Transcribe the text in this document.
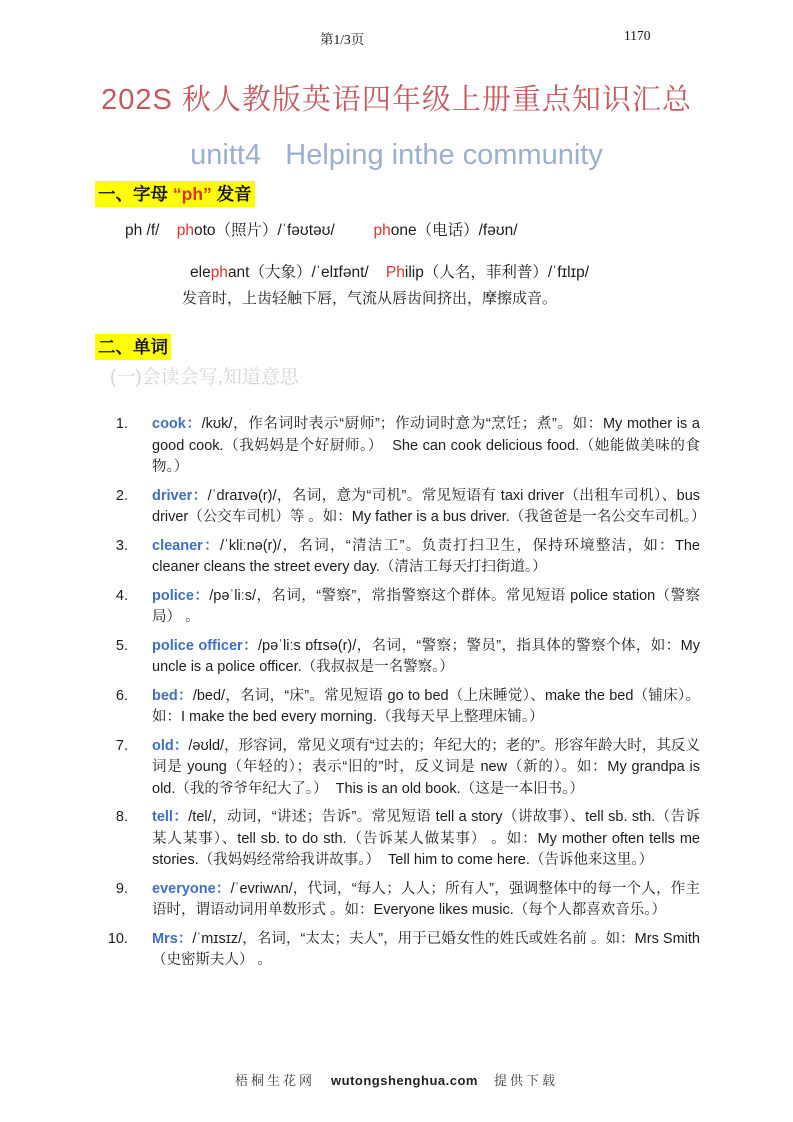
第1/3页	1170
202S 秋人教版英语四年级上册重点知识汇总
unitt4   Helping inthe community
一、字母 “ph” 发音
ph /f/    photo（照片）/ˈfəʊtəʊ/         phone（电话）/fəʊn/
elephant（大象）/ˈelɪfənt/    Philip（人名，菲利普）/ˈfɪlɪp/
发音时，上齿轻触下唇，气流从唇齿间挤出，摩擦成音。
二、单词
(一)会读会写,知道意思
1. cook：/kʊk/，作名词时表示“厨师”；作动词时意为“烹饪；煮”。如：My mother is a good cook.（我妈妈是个好厨师。）  She can cook delicious food.（她能做美味的食物。）
2. driver：/ˈdraɪvə(r)/，名词，意为“司机”。常见短语有 taxi driver（出租车司机）、bus driver（公交车司机）等 。如：My father is a bus driver.（我爸爸是一名公交车司机。）
3. cleaner：/ˈkliːnə(r)/，名词，“清洁工”。负责打扫卫生，保持环境整洁，如：The cleaner cleans the street every day.（清洁工每天打扫街道。）
4. police：/pəˈliːs/，名词，“警察”，常指警察这个群体。常见短语 police station（警察局） 。
5. police officer：/pəˈliːs ɒfɪsə(r)/，名词，“警察；警员”，指具体的警察个体，如：My uncle is a police officer.（我叔叔是一名警察。）
6. bed：/bed/，名词，“床”。常见短语 go to bed（上床睡觉）、make the bed（铺床）。如：I make the bed every morning.（我每天早上整理床铺。）
7. old：/əʊld/，形容词，常见义项有“过去的；年纪大的；老的”。形容年龄大时，其反义词是 young（年轻的）；表示“旧的”时，反义词是 new（新的）。如：My grandpa is old.（我的爷爷年纪大了。）  This is an old book.（这是一本旧书。）
8. tell：/tel/，动词，“讲述；告诉”。常见短语 tell a story（讲故事）、tell sb. sth.（告诉某人某事）、tell sb. to do sth.（告诉某人做某事） 。如：My mother often tells me stories.（我妈妈经常给我讲故事。）  Tell him to come here.（告诉他来这里。）
9. everyone：/ˈevriwʌn/，代词，“每人；人人；所有人”，强调整体中的每一个人，作主语时，谓语动词用单数形式 。如：Everyone likes music.（每个人都喜欢音乐。）
10. Mrs：/ˈmɪsɪz/，名词，“太太；夫人”，用于已婚女性的姓氏或姓名前 。如：Mrs Smith（史密斯夫人） 。
梧桐生花网 wutongshenghua.com 提供下载
